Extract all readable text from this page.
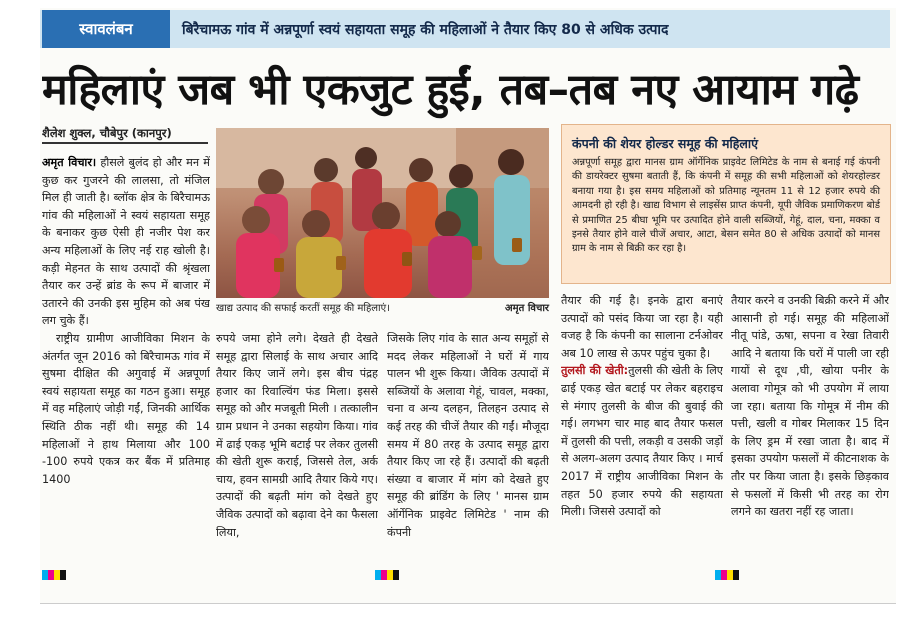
स्वावलंबन	बिरैचामऊ गांव में अन्नपूर्णा स्वयं सहायता समूह की महिलाओं ने तैयार किए 80 से अधिक उत्पाद
महिलाएं जब भी एकजुट हुईं, तब–तब नए आयाम गढ़े
शैलेश शुक्ल, चौबेपुर (कानपुर)

अमृत विचार। हौसले बुलंद हो और मन में कुछ कर गुजरने की लालसा, तो मंजिल मिल ही जाती है। ब्लॉक क्षेत्र के बिरैचामऊ गांव की महिलाओं ने स्वयं सहायता समूह के बनाकर कुछ ऐसी ही नजीर पेश कर अन्य महिलाओं के लिए नई राह खोली है। कड़ी मेहनत के साथ उत्पादों की श्रृंखला तैयार कर उन्हें ब्रांड के रूप में बाजार में उतारने की उनकी इस मुहिम को अब पंख लग चुके हैं।

राष्ट्रीय ग्रामीण आजीविका मिशन के अंतर्गत जून 2016 को बिरैचामऊ गांव में सुषमा दीक्षित की अगुवाई में अन्नपूर्णा स्वयं सहायता समूह का गठन हुआ। समूह में वह महिलाएं जोड़ी गईं, जिनकी आर्थिक स्थिति ठीक नहीं थी। समूह की 14 महिलाओं ने हाथ मिलाया और 100 -100 रुपये एकत्र कर बैंक में प्रतिमाह 1400

खाद्य उत्पाद की सफाई करतीं समूह की महिलाएं।	अमृत विचार

रुपये जमा होने लगे। देखते ही देखते समूह द्वारा सिलाई के साथ अचार आदि तैयार किए जानें लगे। इस बीच पंद्रह हजार का रिवाल्विंग फंड मिला। इससे समूह को और मजबूती मिली । तत्कालीन ग्राम प्रधान ने उनका सहयोग किया। गांव में ढाई एकड़ भूमि बटाई पर लेकर तुलसी की खेती शुरू कराई, जिससे तेल, अर्क चाय, हवन सामग्री आदि तैयार किये गए। उत्पादों की बढ़ती मांग को देखते हुए जैविक उत्पादों को बढ़ावा देने का फैसला लिया,

जिसके लिए गांव के सात अन्य समूहों से मदद लेकर महिलाओं ने घरों में गाय पालन भी शुरू किया। जैविक उत्पादों में सब्जियों के अलावा गेहूं, चावल, मक्का, चना व अन्य दलहन, तिलहन उत्पाद से कई तरह की चीजें तैयार की गईं। मौजूदा समय में 80 तरह के उत्पाद समूह द्वारा तैयार किए जा रहे हैं। उत्पादों की बढ़ती संख्या व बाजार में मांग को देखते हुए समूह की ब्रांडिंग के लिए ' मानस ग्राम ऑर्गेनिक प्राइवेट लिमिटेड ' नाम की कंपनी

कंपनी की शेयर होल्डर समूह की महिलाएं
अन्नपूर्णा समूह द्वारा मानस ग्राम ऑर्गेनिक प्राइवेट लिमिटेड के नाम से बनाई गई कंपनी की डायरेक्टर सुषमा बताती हैं, कि कंपनी में समूह की सभी महिलाओं को शेयरहोल्डर बनाया गया है। इस समय महिलाओं को प्रतिमाह न्यूनतम 11 से 12 हजार रुपये की आमदनी हो रही है। खाद्य विभाग से लाइसेंस प्राप्त कंपनी, यूपी जैविक प्रमाणिकरण बोर्ड से प्रमाणित 25 बीघा भूमि पर उत्पादित होने वाली सब्जियों, गेहूं, दाल, चना, मक्का व इनसे तैयार होने वाले चीजें अचार, आटा, बेसन समेत 80 से अधिक उत्पादों को मानस ग्राम के नाम से बिक्री कर रहा है।

तैयार की गई है। इनके द्वारा बनाएं उत्पादों को पसंद किया जा रहा है। यही वजह है कि कंपनी का सालाना टर्नओवर अब 10 लाख से ऊपर पहुंच चुका है।

तुलसी की खेती:तुलसी की खेती के लिए ढाई एकड़ खेत बटाई पर लेकर बहराइच से मंगाए तुलसी के बीज की बुवाई की गई। लगभग चार माह बाद तैयार फसल में तुलसी की पत्ती, लकड़ी व उसकी जड़ों से अलग-अलग उत्पाद तैयार किए । मार्च 2017 में राष्ट्रीय आजीविका मिशन के तहत 50 हजार रुपये की सहायता मिली। जिससे उत्पादों को

तैयार करने व उनकी बिक्री करने में और आसानी हो गई। समूह की महिलाओं नीतू पांडे, ऊषा, सपना व रेखा तिवारी आदि ने बताया कि घरों में पाली जा रही गायों से दूध ,घी, खोया पनीर के अलावा गोमूत्र को भी उपयोग में लाया जा रहा। बताया कि गोमूत्र में नीम की पत्ती, खली व गोबर मिलाकर 15 दिन के लिए ड्रम में रखा जाता है। बाद में इसका उपयोग फसलों में कीटनाशक के तौर पर किया जाता है। इसके छिड़काव से फसलों में किसी भी तरह का रोग लगने का खतरा नहीं रह जाता।
